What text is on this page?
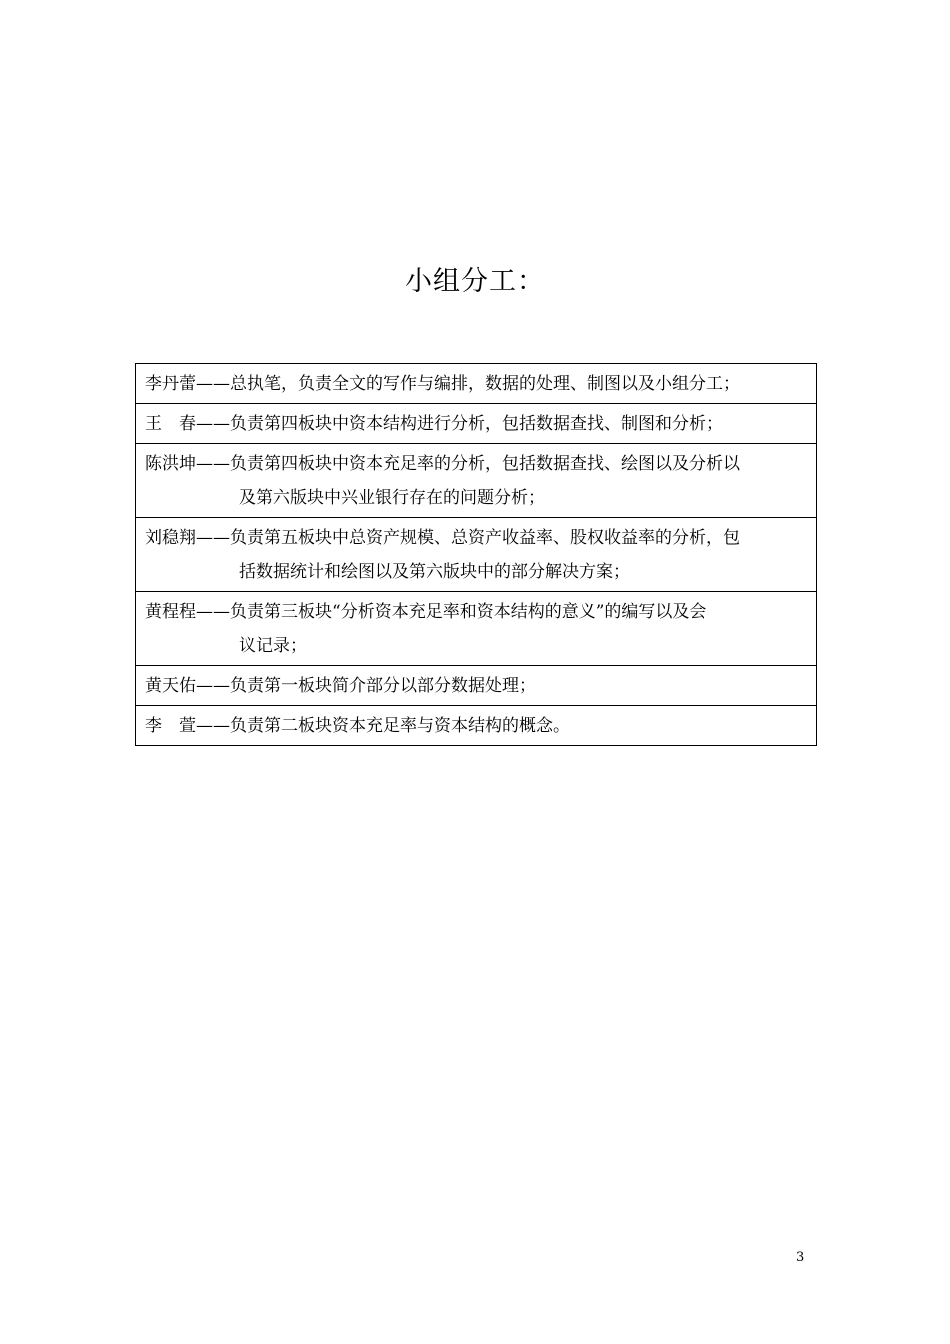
小组分工：
李丹蕾——总执笔，负责全文的写作与编排，数据的处理、制图以及小组分工；
王　春——负责第四板块中资本结构进行分析，包括数据查找、制图和分析；
陈洪坤——负责第四板块中资本充足率的分析，包括数据查找、绘图以及分析以
及第六版块中兴业银行存在的问题分析；
刘稳翔——负责第五板块中总资产规模、总资产收益率、股权收益率的分析，包
括数据统计和绘图以及第六版块中的部分解决方案；
黄程程——负责第三板块“分析资本充足率和资本结构的意义”的编写以及会
议记录；
黄天佑——负责第一板块简介部分以部分数据处理；
李　萱——负责第二板块资本充足率与资本结构的概念。
3
